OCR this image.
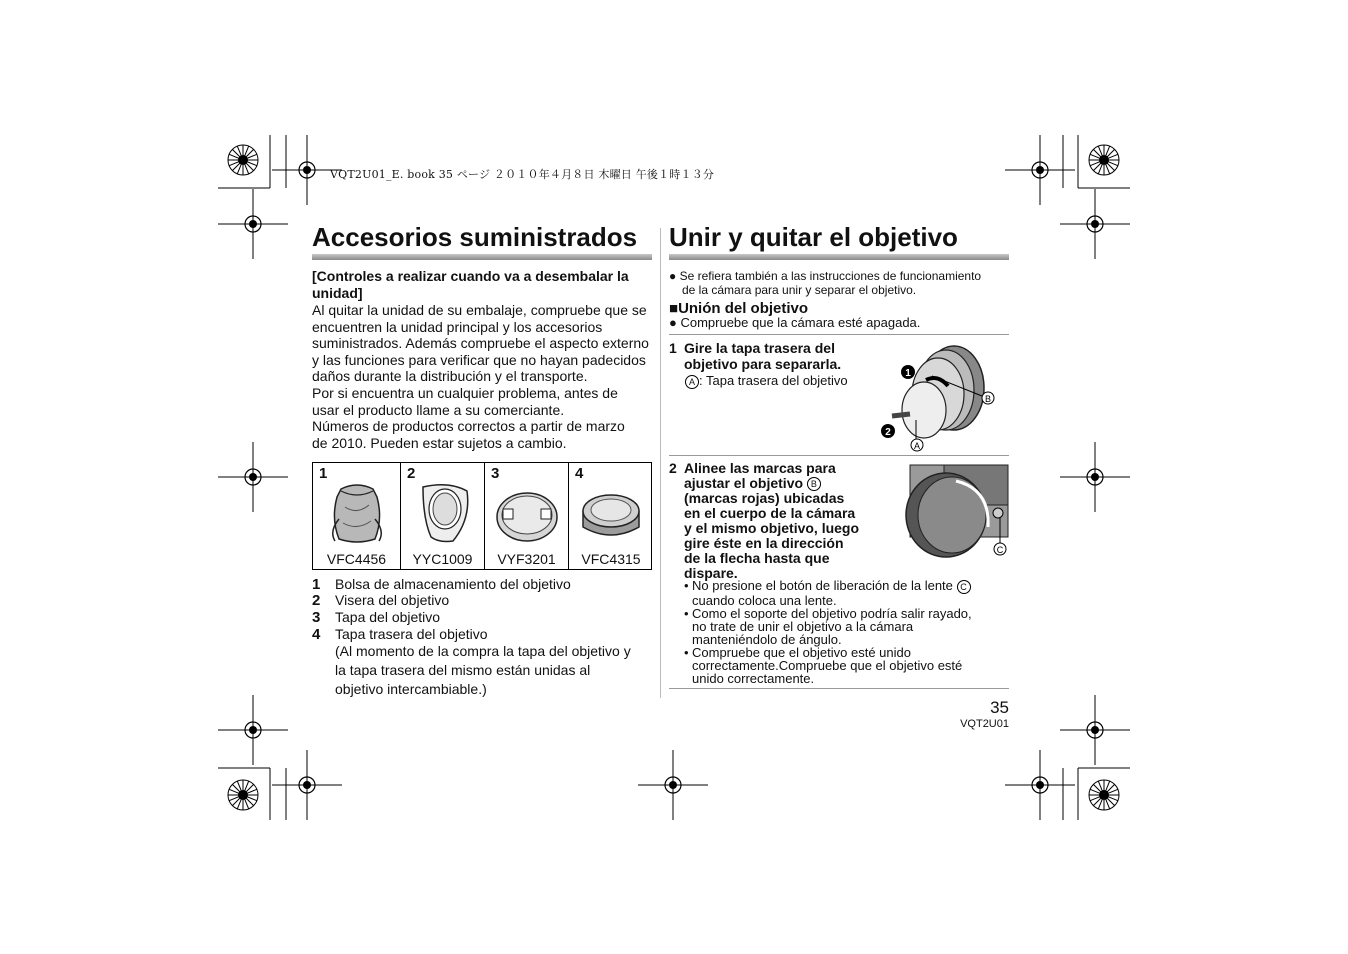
VQT2U01_E. book 35 ページ ２０１０年４月８日 木曜日 午後１時１３分
Accesorios suministrados
[Controles a realizar cuando va a desembalar la unidad]
Al quitar la unidad de su embalaje, compruebe que se
encuentren la unidad principal y los accesorios
suministrados. Además compruebe el aspecto externo
y las funciones para verificar que no hayan padecidos
daños durante la distribución y el transporte.
Por si encuentra un cualquier problema, antes de
usar el producto llame a su comerciante.
Números de productos correctos a partir de marzo
de 2010. Pueden estar sujetos a cambio.
1
VFC4456
2
YYC1009
3
VYF3201
4
VFC4315
1 Bolsa de almacenamiento del objetivo
2 Visera del objetivo
3 Tapa del objetivo
4 Tapa trasera del objetivo
(Al momento de la compra la tapa del objetivo y
la tapa trasera del mismo están unidas al
objetivo intercambiable.)
Unir y quitar el objetivo
● Se refiera también a las instrucciones de funcionamiento
de la cámara para unir y separar el objetivo.
■Unión del objetivo
● Compruebe que la cámara esté apagada.
1 Gire la tapa trasera del
objetivo para separarla.
A : Tapa trasera del objetivo	1
2
B
A
2 Alinee las marcas para
ajustar el objetivo B
(marcas rojas) ubicadas
en el cuerpo de la cámara
y el mismo objetivo, luego
gire éste en la dirección
de la flecha hasta que
dispare.
C
• No presione el botón de liberación de la lente C
cuando coloca una lente.
• Como el soporte del objetivo podría salir rayado,
no trate de unir el objetivo a la cámara
manteniéndolo de ángulo.
• Compruebe que el objetivo esté unido
correctamente.Compruebe que el objetivo esté
unido correctamente.
35
VQT2U01
